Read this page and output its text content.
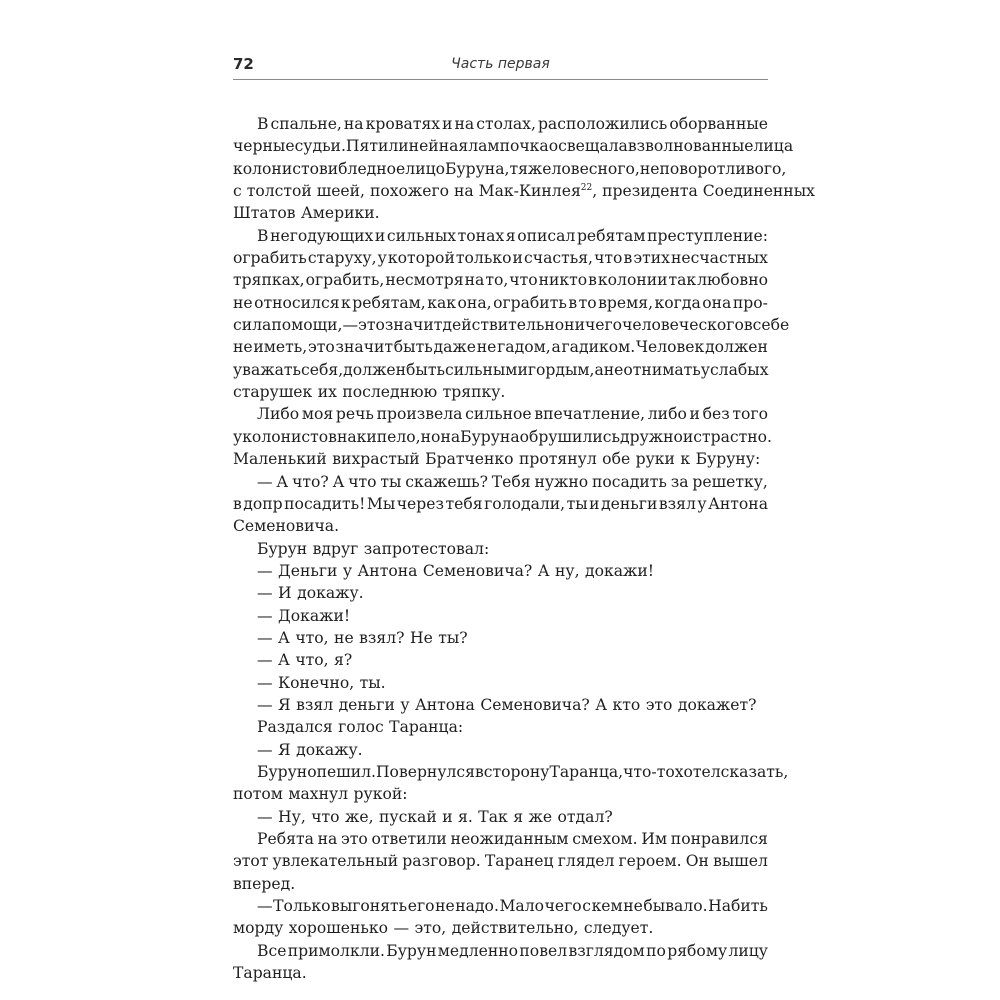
72	Часть первая
В спальне, на кроватях и на столах, расположились оборванные
черные судьи. Пятилинейная лампочка освещала взволнованные лица
колонистов и бледное лицо Буруна, тяжеловесного, неповоротливого,
с толстой шеей, похожего на Мак-Кинлея$^{22}$ , президента Соединенных
Штатов Америки.
В негодующих и сильных тонах я описал ребятам преступление:
ограбить старуху, у которой только и счастья, что в этих несчастных
тряпках, ограбить, несмотря на то, что никто в колонии так любовно
не относился к ребятам, как она, ограбить в то время, когда она про-
сила помощи, — это значит действительно ничего человеческого в себе
не иметь, это значит быть даже не гадом, а гадиком. Человек должен
уважать себя, должен быть сильным и гордым, а не отнимать у слабых
старушек их последнюю тряпку.
Либо моя речь произвела сильное впечатление, либо и без того
у колонистов накипело, но на Буруна обрушились дружно и страстно.
Маленький вихрастый Братченко протянул обе руки к Буруну:
— А что? А что ты скажешь? Тебя нужно посадить за решетку,
в допр посадить! Мы через тебя голодали, ты и деньги взял у Антона
Семеновича.
Бурун вдруг запротестовал:
— Деньги у Антона Семеновича? А ну, докажи!
— И докажу.
— Докажи!
— А что, не взял? Не ты?
— А что, я?
— Конечно, ты.
— Я взял деньги у Антона Семеновича? А кто это докажет?
Раздался голос Таранца:
— Я докажу.
Бурун опешил. Повернулся в сторону Таранца, что-то хотел сказать,
потом махнул рукой:
— Ну, что же, пускай и я. Так я же отдал?
Ребята на это ответили неожиданным смехом. Им понравился
этот увлекательный разговор. Таранец глядел героем. Он вышел
вперед.
— Только выгонять его не надо. Мало чего с кем не бывало. Набить
морду хорошенько — это, действительно, следует.
Все примолкли. Бурун медленно повел взглядом по рябому лицу
Таранца.
